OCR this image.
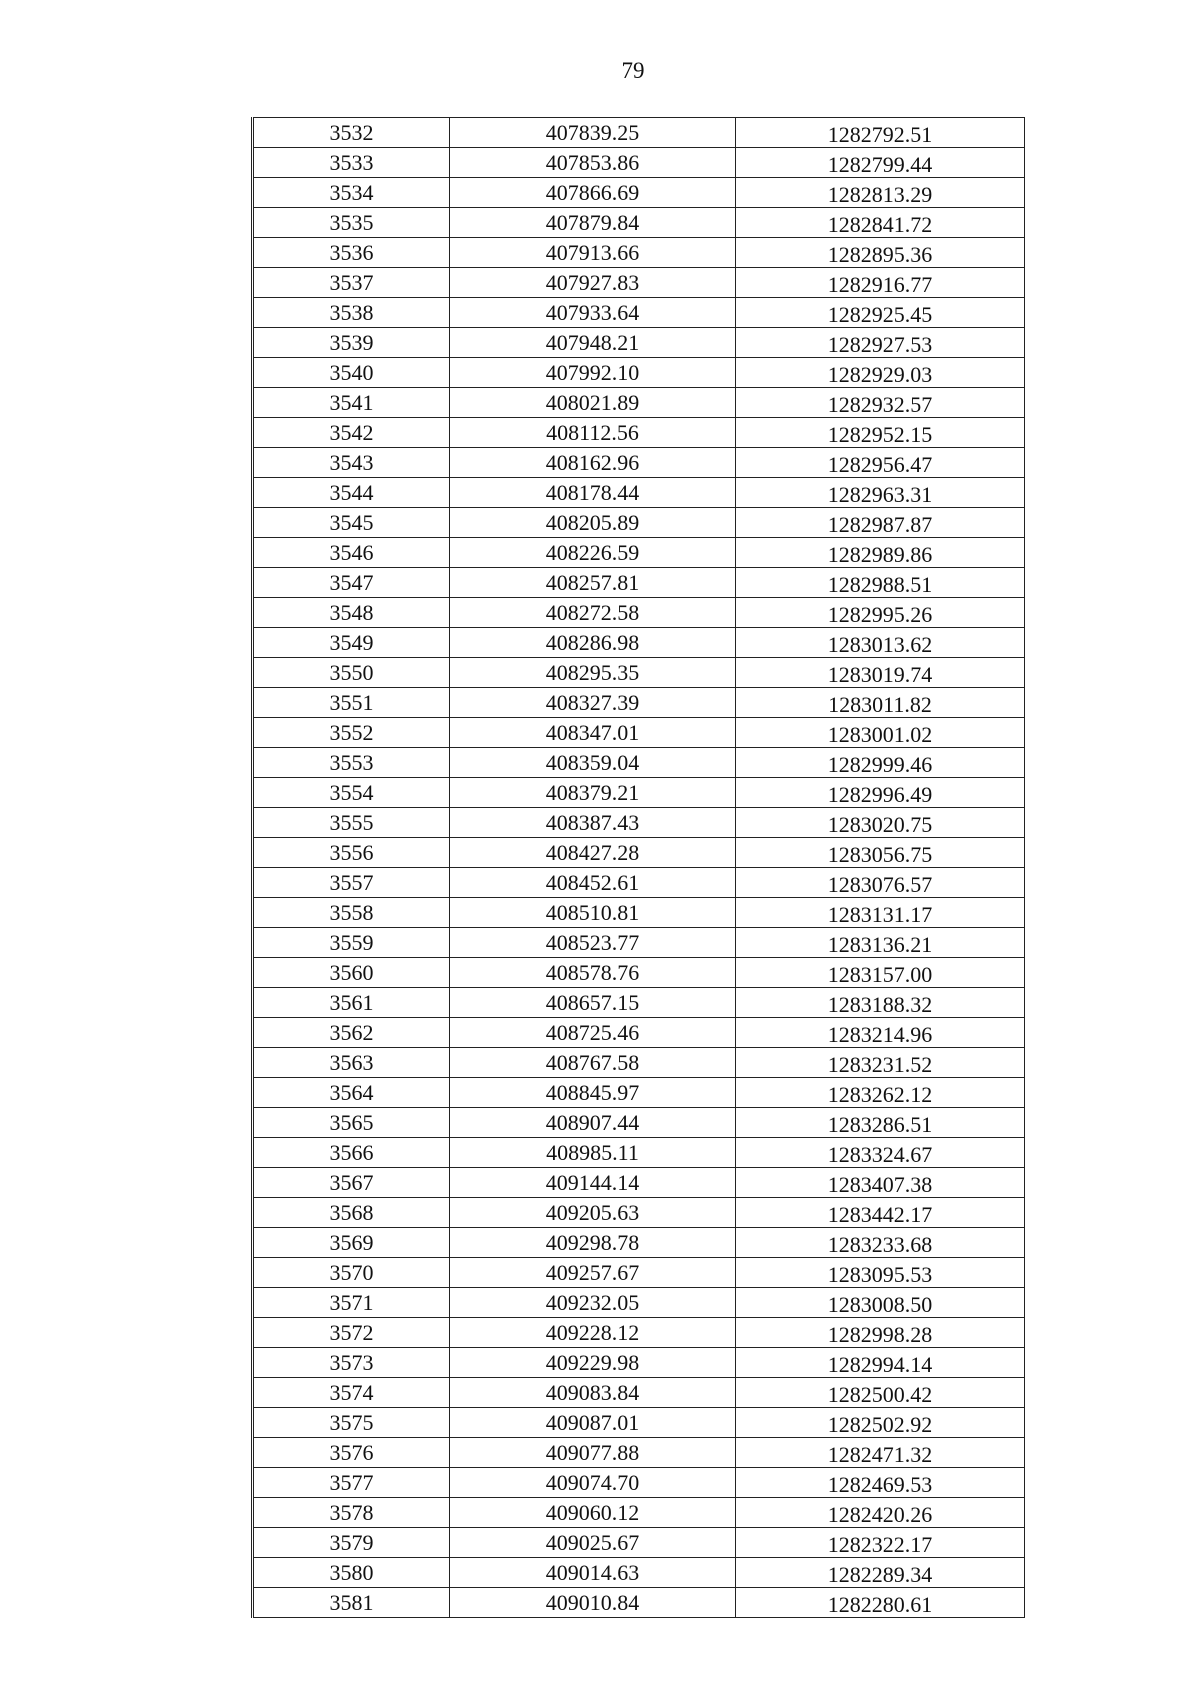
79
3532	407839.25	1282792.51
3533	407853.86	1282799.44
3534	407866.69	1282813.29
3535	407879.84	1282841.72
3536	407913.66	1282895.36
3537	407927.83	1282916.77
3538	407933.64	1282925.45
3539	407948.21	1282927.53
3540	407992.10	1282929.03
3541	408021.89	1282932.57
3542	408112.56	1282952.15
3543	408162.96	1282956.47
3544	408178.44	1282963.31
3545	408205.89	1282987.87
3546	408226.59	1282989.86
3547	408257.81	1282988.51
3548	408272.58	1282995.26
3549	408286.98	1283013.62
3550	408295.35	1283019.74
3551	408327.39	1283011.82
3552	408347.01	1283001.02
3553	408359.04	1282999.46
3554	408379.21	1282996.49
3555	408387.43	1283020.75
3556	408427.28	1283056.75
3557	408452.61	1283076.57
3558	408510.81	1283131.17
3559	408523.77	1283136.21
3560	408578.76	1283157.00
3561	408657.15	1283188.32
3562	408725.46	1283214.96
3563	408767.58	1283231.52
3564	408845.97	1283262.12
3565	408907.44	1283286.51
3566	408985.11	1283324.67
3567	409144.14	1283407.38
3568	409205.63	1283442.17
3569	409298.78	1283233.68
3570	409257.67	1283095.53
3571	409232.05	1283008.50
3572	409228.12	1282998.28
3573	409229.98	1282994.14
3574	409083.84	1282500.42
3575	409087.01	1282502.92
3576	409077.88	1282471.32
3577	409074.70	1282469.53
3578	409060.12	1282420.26
3579	409025.67	1282322.17
3580	409014.63	1282289.34
3581	409010.84	1282280.61
